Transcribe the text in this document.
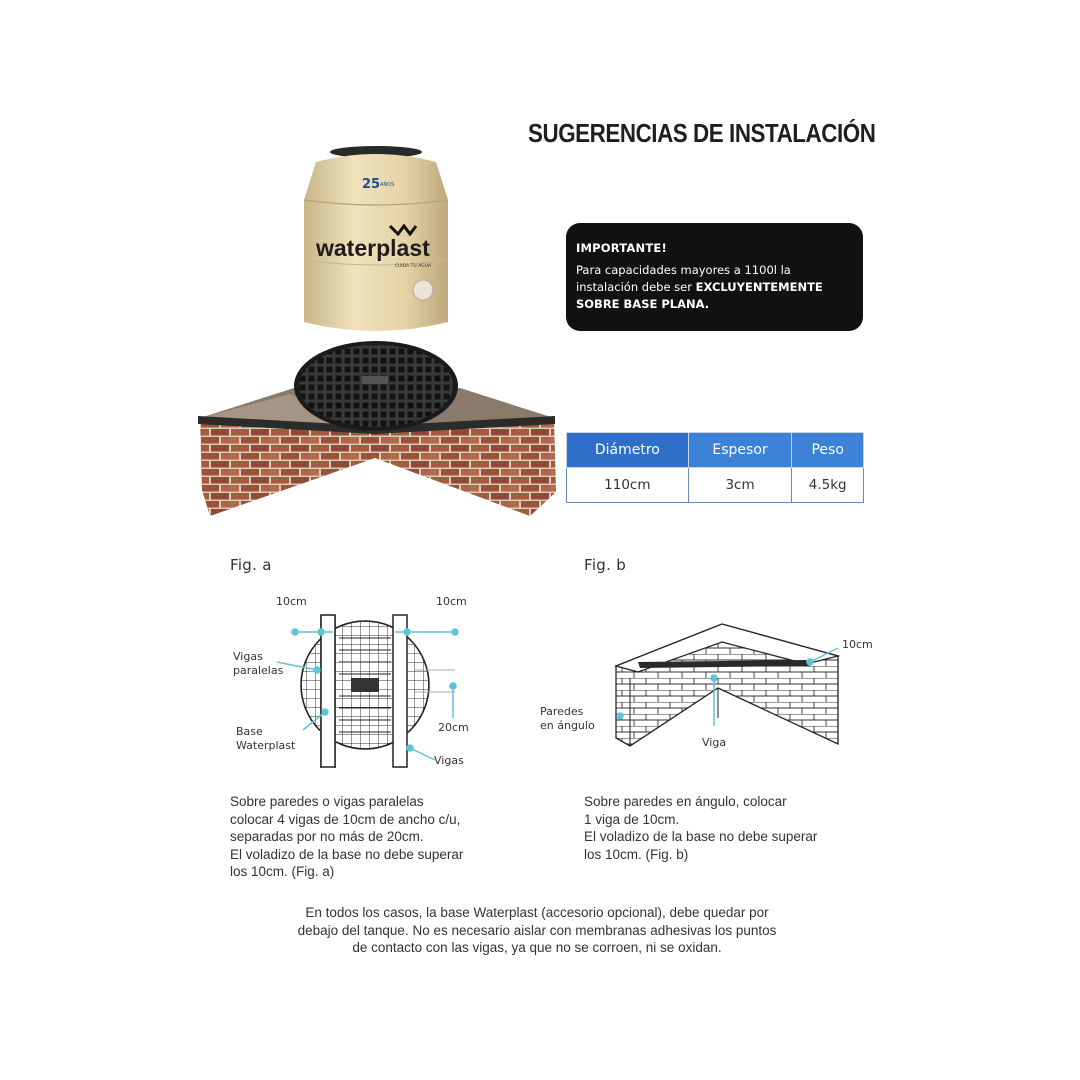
SUGERENCIAS DE INSTALACIÓN
25 AÑOS
waterplast
CUIDA TU AGUA
IMPORTANTE!
Para capacidades mayores a 1100l la
instalación debe ser EXCLUYENTEMENTE
SOBRE BASE PLANA.
Diámetro	Espesor	Peso
110cm	3cm	4.5kg
Fig. a
10cm	10cm
Vigas
paralelas
Base
Waterplast
20cm
Vigas
Sobre paredes o vigas paralelas
colocar 4 vigas de 10cm de ancho c/u,
separadas por no más de 20cm.
El voladizo de la base no debe superar
los 10cm. (Fig. a)
Fig. b
10cm
Paredes
en ángulo
Viga
Sobre paredes en ángulo, colocar
1 viga de 10cm.
El voladizo de la base no debe superar
los 10cm. (Fig. b)
En todos los casos, la base Waterplast (accesorio opcional), debe quedar por
debajo del tanque. No es necesario aislar con membranas adhesivas los puntos
de contacto con las vigas, ya que no se corroen, ni se oxidan.
